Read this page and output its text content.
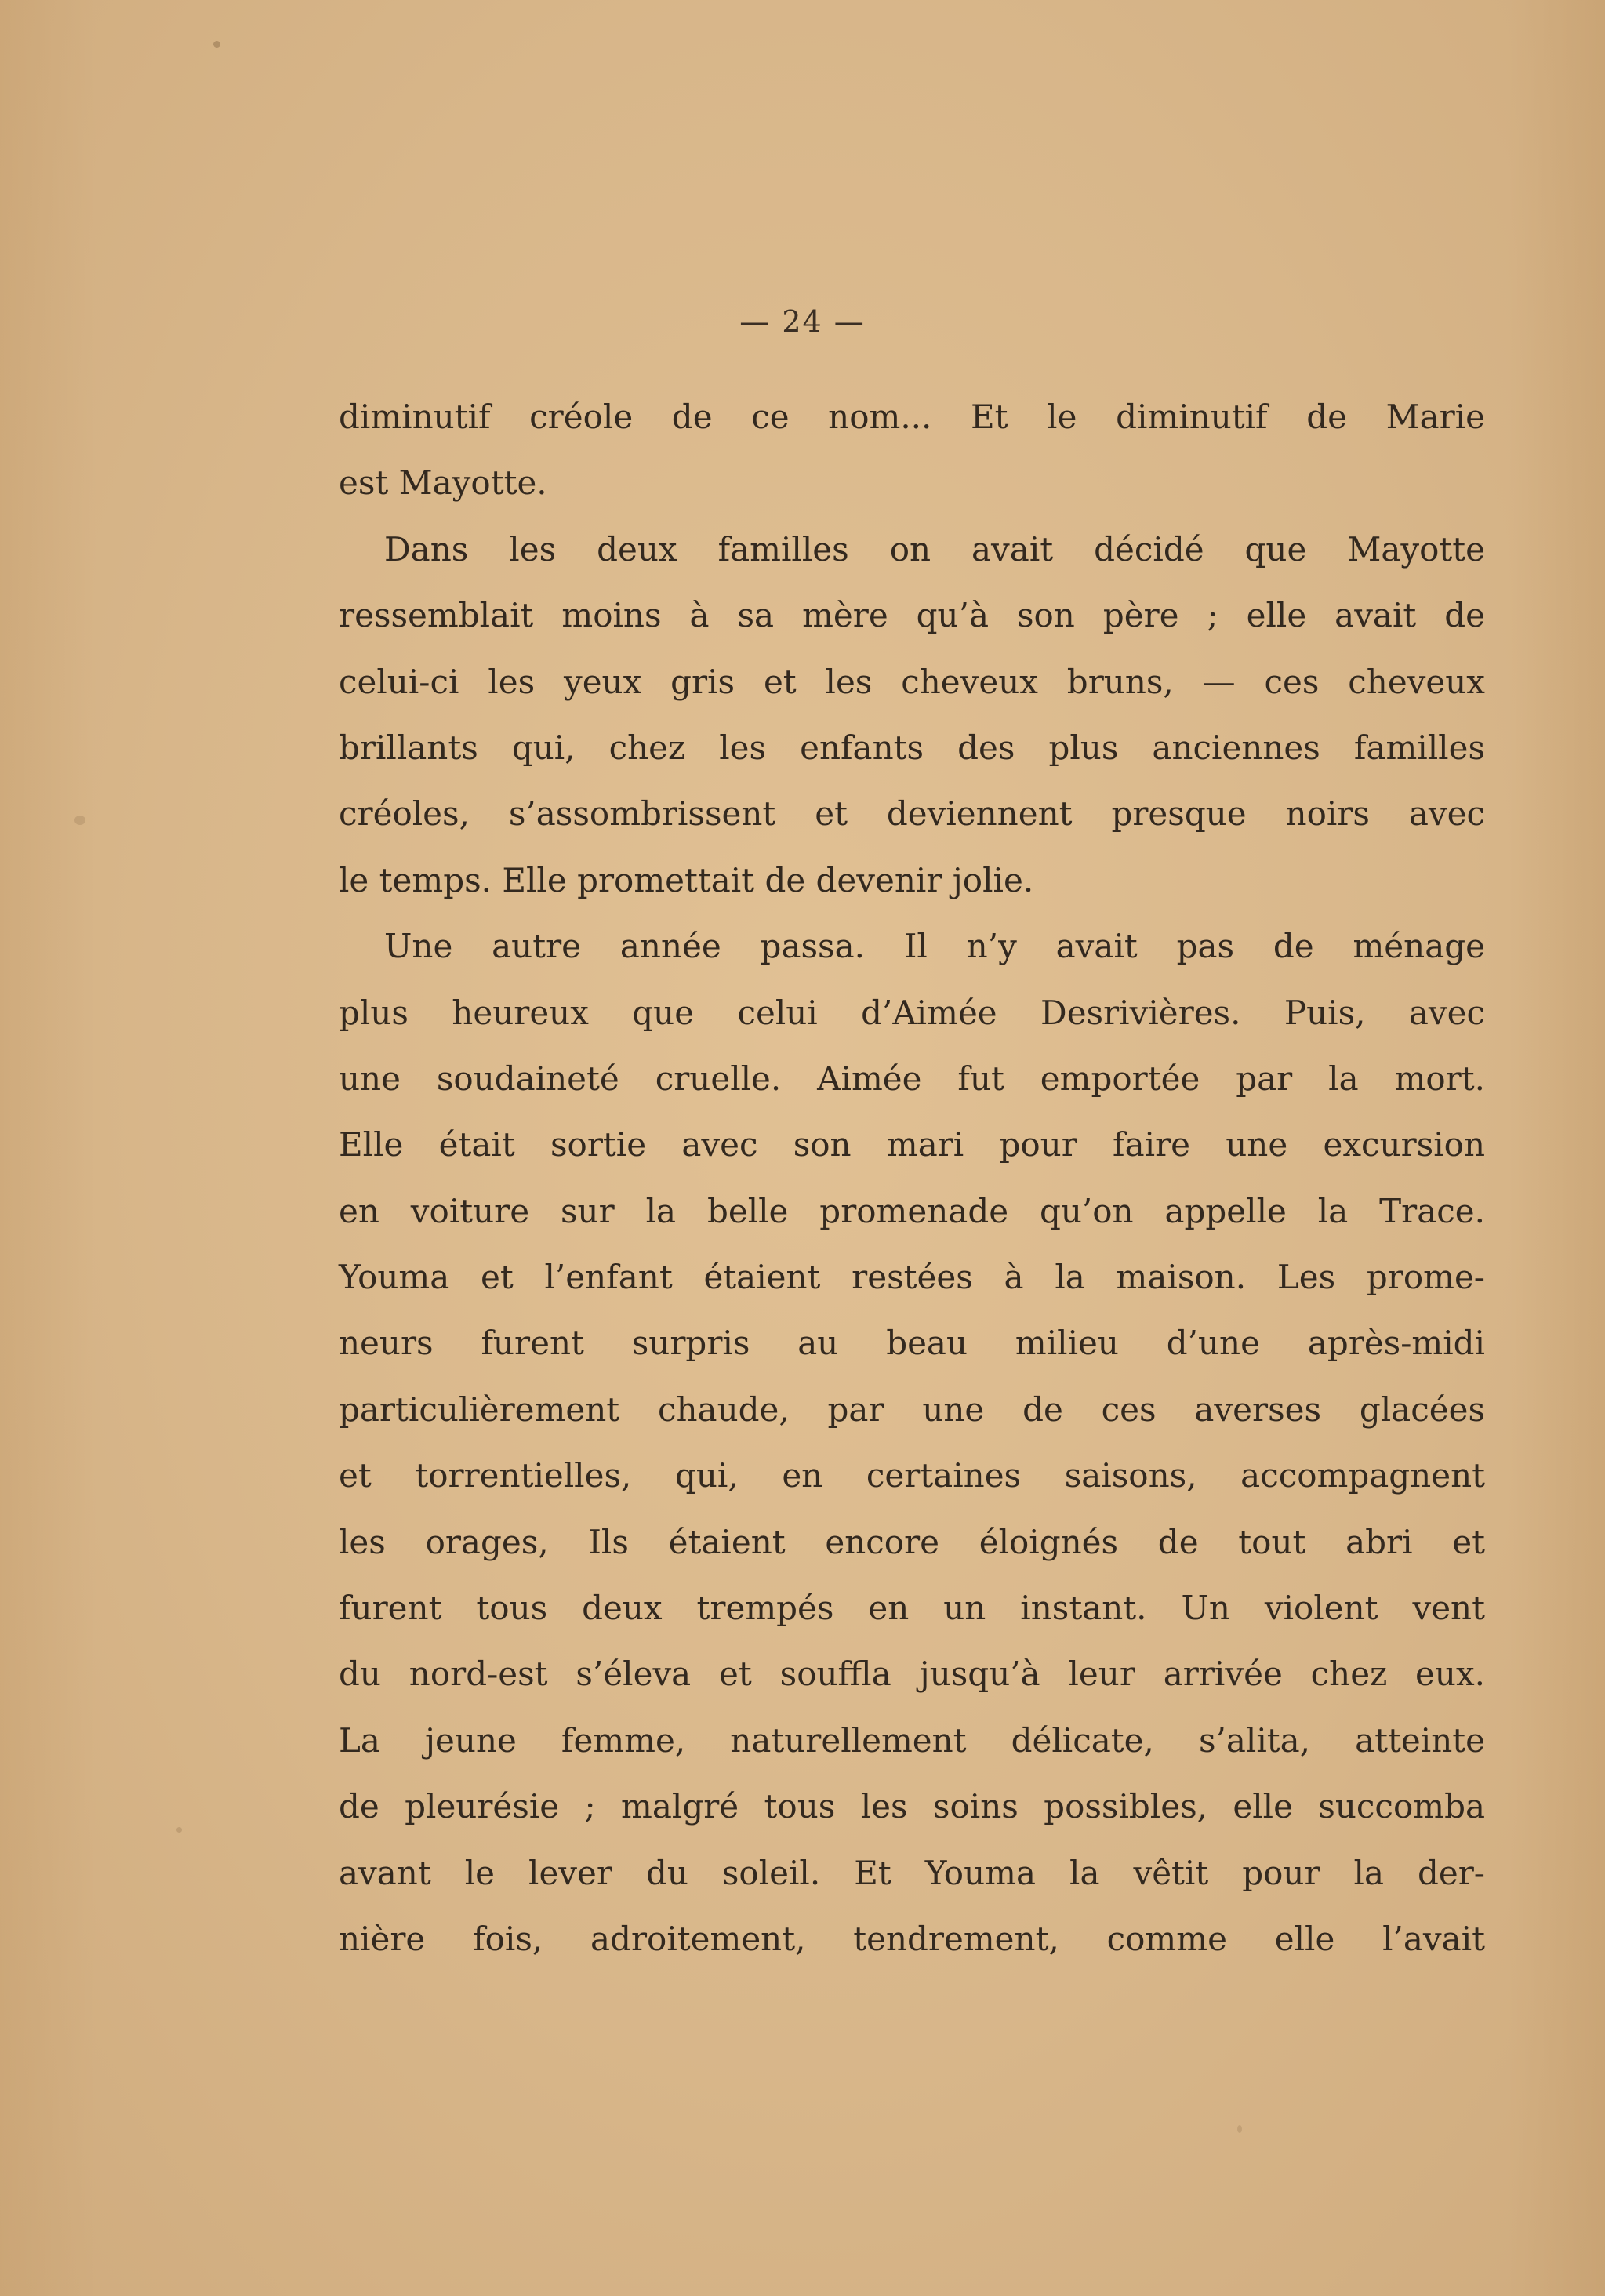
— 24 —
diminutif créole de ce nom... Et le diminutif de Marie
est Mayotte.
Dans les deux familles on avait décidé que Mayotte
ressemblait moins à sa mère qu’à son père ; elle avait de
celui-ci les yeux gris et les cheveux bruns, — ces cheveux
brillants qui, chez les enfants des plus anciennes familles
créoles, s’assombrissent et deviennent presque noirs avec
le temps. Elle promettait de devenir jolie.
Une autre année passa. Il n’y avait pas de ménage
plus heureux que celui d’Aimée Desrivières. Puis, avec
une soudaineté cruelle. Aimée fut emportée par la mort.
Elle était sortie avec son mari pour faire une excursion
en voiture sur la belle promenade qu’on appelle la Trace.
Youma et l’enfant étaient restées à la maison. Les prome-
neurs furent surpris au beau milieu d’une après-midi
particulièrement chaude, par une de ces averses glacées
et torrentielles, qui, en certaines saisons, accompagnent
les orages, Ils étaient encore éloignés de tout abri et
furent tous deux trempés en un instant. Un violent vent
du nord-est s’éleva et souffla jusqu’à leur arrivée chez eux.
La jeune femme, naturellement délicate, s’alita, atteinte
de pleurésie ; malgré tous les soins possibles, elle succomba
avant le lever du soleil. Et Youma la vêtit pour la der-
nière fois, adroitement, tendrement, comme elle l’avait
